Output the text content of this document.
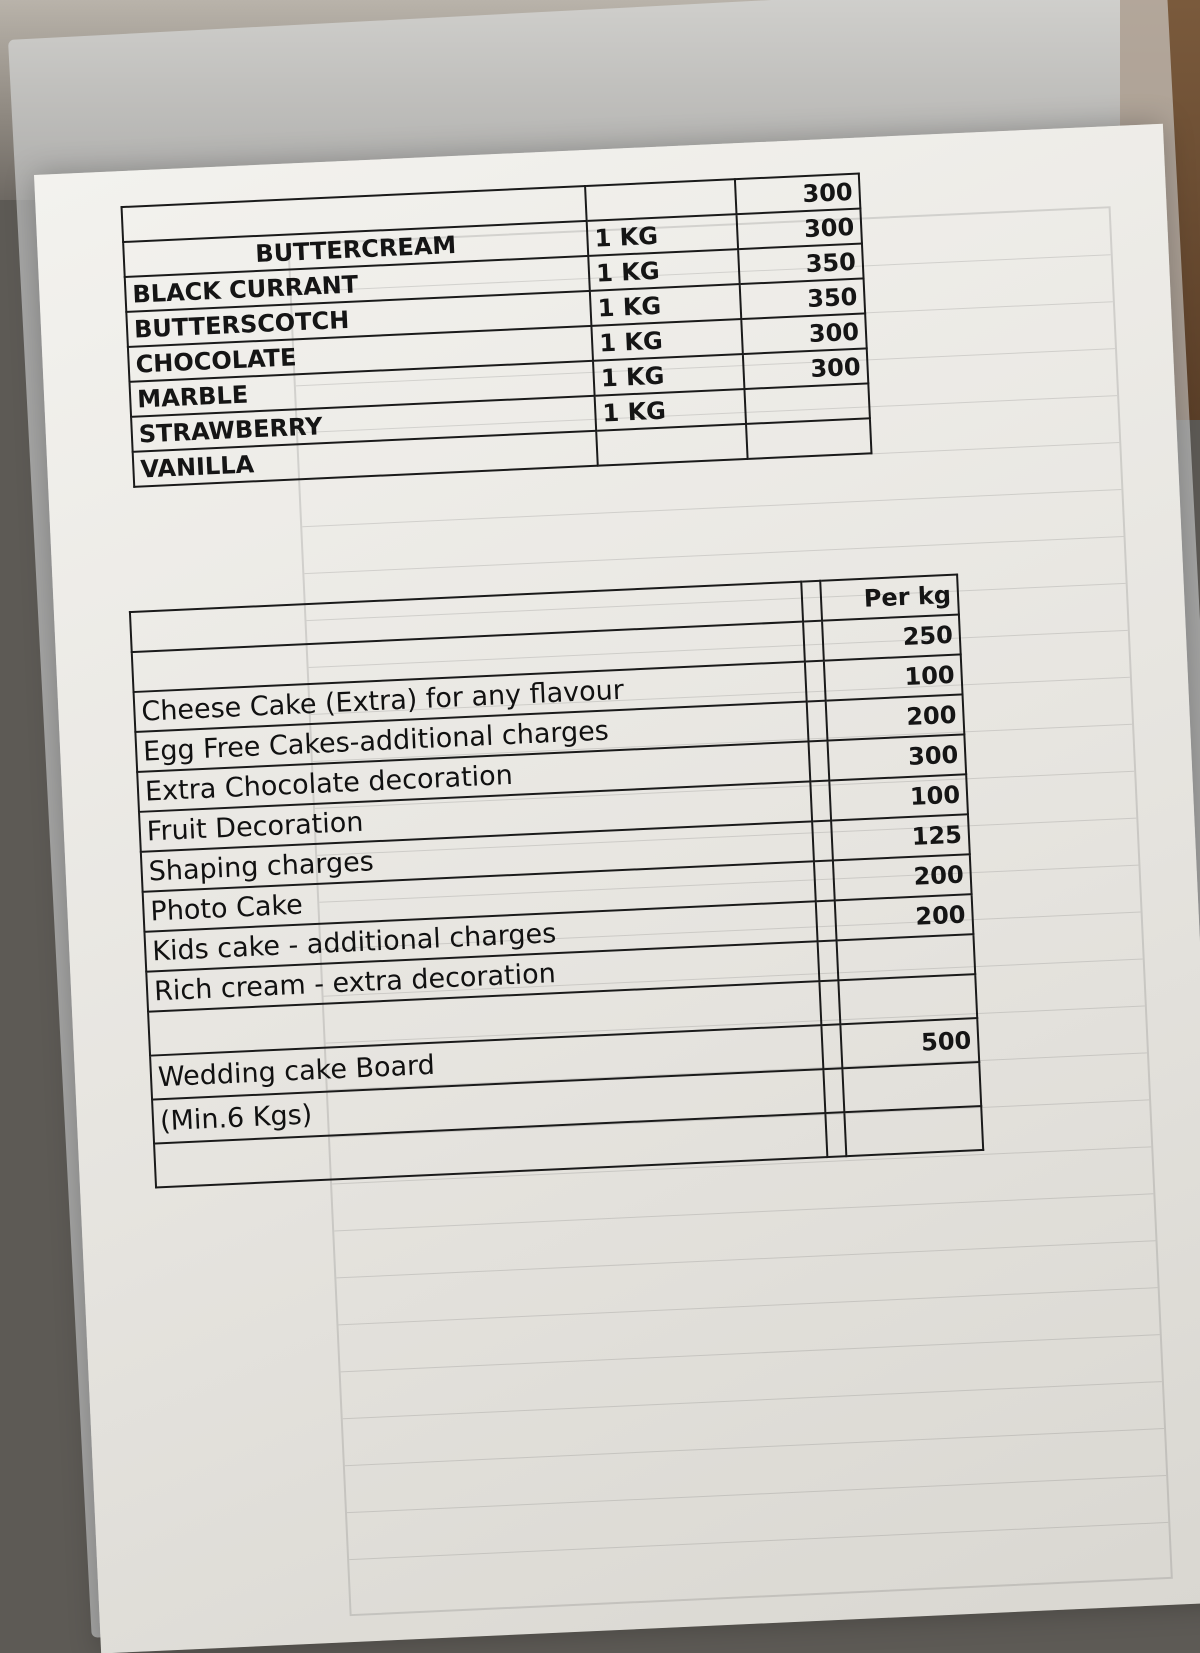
		300
BUTTERCREAM	1 KG	300
BLACK CURRANT	1 KG	350
BUTTERSCOTCH	1 KG	350
CHOCOLATE	1 KG	300
MARBLE	1 KG	300
STRAWBERRY	1 KG	
VANILLA		
		Per kg
		250
Cheese Cake (Extra) for any flavour		100
Egg Free Cakes-additional charges		200
Extra Chocolate decoration		300
Fruit Decoration		100
Shaping charges		125
Photo Cake		200
Kids cake - additional charges		200
Rich cream - extra decoration		

Wedding cake Board		500
(Min.6 Kgs)		
